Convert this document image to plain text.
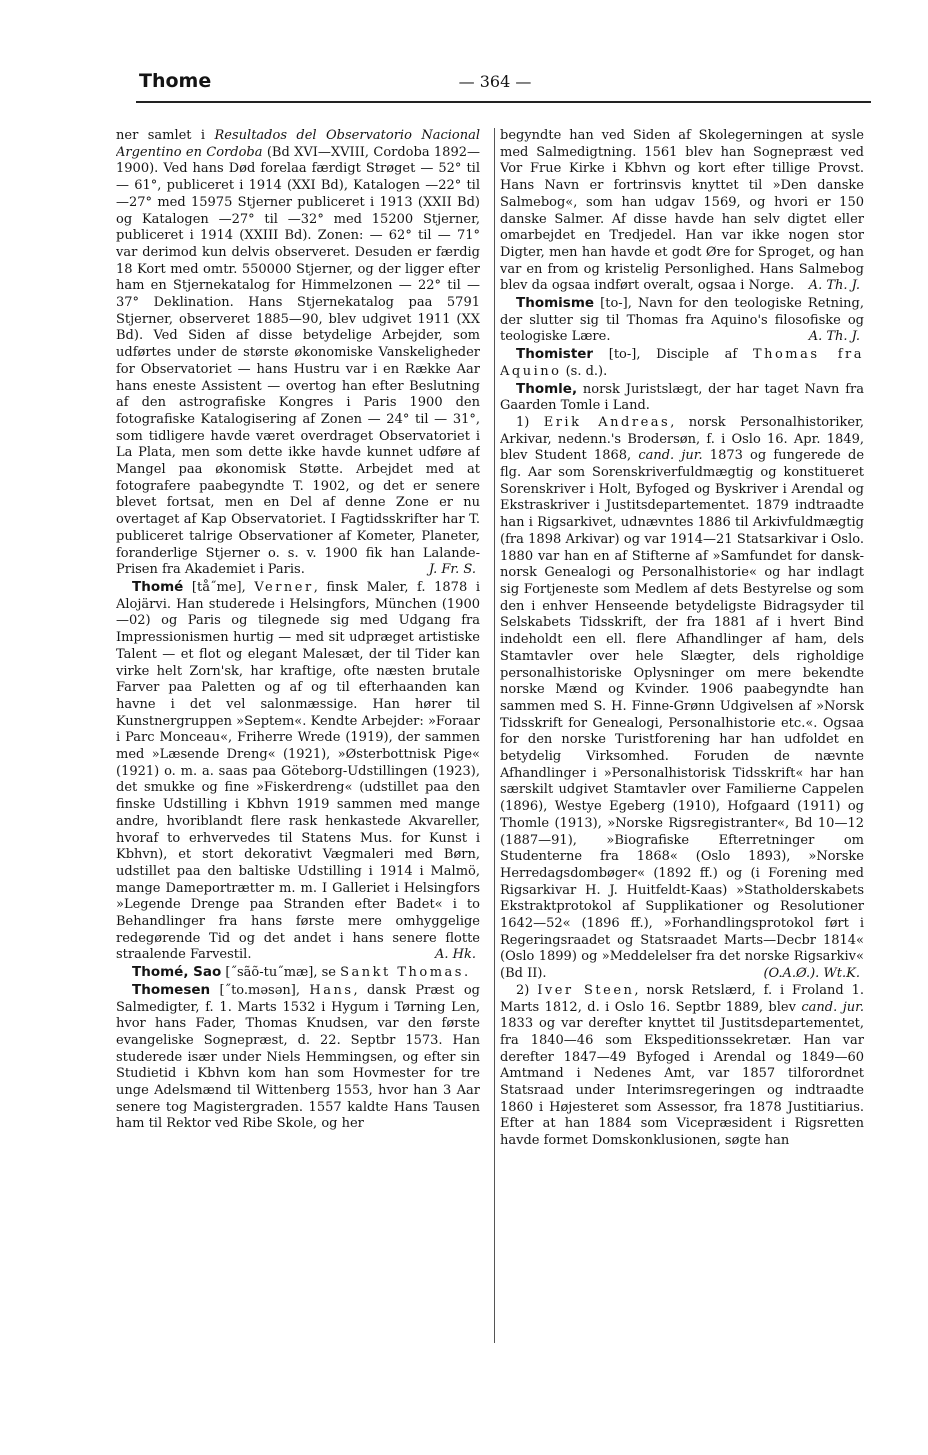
Thome	— 364 —

ner samlet i Resultados del Observatorio Nacional Argentino en Cordoba (Bd XVI—XVIII, Cordoba 1892—1900). Ved hans Død forelaa færdigt Strøget — 52° til — 61°, publiceret i 1914 (XXI Bd), Katalogen —22° til —27° med 15975 Stjerner publiceret i 1913 (XXII Bd) og Katalogen —27° til —32° med 15200 Stjerner, publiceret i 1914 (XXIII Bd). Zonen: — 62° til — 71° var derimod kun delvis observeret. Desuden er færdig 18 Kort med omtr. 550000 Stjerner, og der ligger efter ham en Stjernekatalog for Himmelzonen — 22° til — 37° Deklination. Hans Stjernekatalog paa 5791 Stjerner, observeret 1885—90, blev udgivet 1911 (XX Bd). Ved Siden af disse betydelige Arbejder, som udførtes under de største økonomiske Vanskeligheder for Observatoriet — hans Hustru var i en Række Aar hans eneste Assistent — overtog han efter Beslutning af den astrografiske Kongres i Paris 1900 den fotografiske Katalogisering af Zonen — 24° til — 31°, som tidligere havde været overdraget Observatoriet i La Plata, men som dette ikke havde kunnet udføre af Mangel paa økonomisk Støtte. Arbejdet med at fotografere paabegyndte T. 1902, og det er senere blevet fortsat, men en Del af denne Zone er nu overtaget af Kap Observatoriet. I Fagtidsskrifter har T. publiceret talrige Observationer af Kometer, Planeter, foranderlige Stjerner o. s. v. 1900 fik han Lalande-Prisen fra Akademiet i Paris.	J. Fr. S.

Thomé [tå˝me], Verner, finsk Maler, f. 1878 i Alojärvi. Han studerede i Helsingfors, München (1900—02) og Paris og tilegnede sig med Udgang fra Impressionismen hurtig — med sit udpræget artistiske Talent — et flot og elegant Malesæt, der til Tider kan virke helt Zorn'sk, har kraftige, ofte næsten brutale Farver paa Paletten og af og til efterhaanden kan havne i det vel salonmæssige. Han hører til Kunstnergruppen »Septem«. Kendte Arbejder: »Foraar i Parc Monceau«, Friherre Wrede (1919), der sammen med »Læsende Dreng« (1921), »Østerbottnisk Pige« (1921) o. m. a. saas paa Göteborg-Udstillingen (1923), det smukke og fine »Fiskerdreng« (udstillet paa den finske Udstilling i Kbhvn 1919 sammen med mange andre, hvoriblandt flere rask henkastede Akvareller, hvoraf to erhvervedes til Statens Mus. for Kunst i Kbhvn), et stort dekorativt Vægmaleri med Børn, udstillet paa den baltiske Udstilling i 1914 i Malmö, mange Dameportrætter m. m. I Galleriet i Helsingfors »Legende Drenge paa Stranden efter Badet« i to Behandlinger fra hans første mere omhyggelige redegørende Tid og det andet i hans senere flotte straalende Farvestil.	A. Hk.

Thomé, Sao [˝sãõ-tu˝mæ], se Sankt Thomas.

Thomesen [˝to.məsən], Hans, dansk Præst og Salmedigter, f. 1. Marts 1532 i Hygum i Tørning Len, hvor hans Fader, Thomas Knudsen, var den første evangeliske Sognepræst, d. 22. Septbr 1573. Han studerede især under Niels Hemmingsen, og efter sin Studietid i Kbhvn kom han som Hovmester for tre unge Adelsmænd til Wittenberg 1553, hvor han 3 Aar senere tog Magistergraden. 1557 kaldte Hans Tausen ham til Rektor ved Ribe Skole, og her

begyndte han ved Siden af Skolegerningen at sysle med Salmedigtning. 1561 blev han Sognepræst ved Vor Frue Kirke i Kbhvn og kort efter tillige Provst. Hans Navn er fortrinsvis knyttet til »Den danske Salmebog«, som han udgav 1569, og hvori er 150 danske Salmer. Af disse havde han selv digtet eller omarbejdet en Tredjedel. Han var ikke nogen stor Digter, men han havde et godt Øre for Sproget, og han var en from og kristelig Personlighed. Hans Salmebog blev da ogsaa indført overalt, ogsaa i Norge. A. Th. J.

Thomisme [to-], Navn for den teologiske Retning, der slutter sig til Thomas fra Aquino's filosofiske og teologiske Lære.	A. Th. J.

Thomister [to-], Disciple af Thomas fra Aquino (s. d.).

Thomle, norsk Juristslægt, der har taget Navn fra Gaarden Tomle i Land.

1) Erik Andreas, norsk Personalhistoriker, Arkivar, nedenn.'s Brodersøn, f. i Oslo 16. Apr. 1849, blev Student 1868, cand. jur. 1873 og fungerede de flg. Aar som Sorenskriverfuldmægtig og konstitueret Sorenskriver i Holt, Byfoged og Byskriver i Arendal og Ekstraskriver i Justitsdepartementet. 1879 indtraadte han i Rigsarkivet, udnævntes 1886 til Arkivfuldmægtig (fra 1898 Arkivar) og var 1914—21 Statsarkivar i Oslo. 1880 var han en af Stifterne af »Samfundet for dansk-norsk Genealogi og Personalhistorie« og har indlagt sig Fortjeneste som Medlem af dets Bestyrelse og som den i enhver Henseende betydeligste Bidragsyder til Selskabets Tidsskrift, der fra 1881 af i hvert Bind indeholdt een ell. flere Afhandlinger af ham, dels Stamtavler over hele Slægter, dels righoldige personalhistoriske Oplysninger om mere bekendte norske Mænd og Kvinder. 1906 paabegyndte han sammen med S. H. Finne-Grønn Udgivelsen af »Norsk Tidsskrift for Genealogi, Personalhistorie etc.«. Ogsaa for den norske Turistforening har han udfoldet en betydelig Virksomhed. Foruden de nævnte Afhandlinger i »Personalhistorisk Tidsskrift« har han særskilt udgivet Stamtavler over Familierne Cappelen (1896), Westye Egeberg (1910), Hofgaard (1911) og Thomle (1913), »Norske Rigsregistranter«, Bd 10—12 (1887—91), »Biografiske Efterretninger om Studenterne fra 1868« (Oslo 1893), »Norske Herredagsdombøger« (1892 ff.) og (i Forening med Rigsarkivar H. J. Huitfeldt-Kaas) »Statholderskabets Ekstraktprotokol af Supplikationer og Resolutioner 1642—52« (1896 ff.), »Forhandlingsprotokol ført i Regeringsraadet og Statsraadet Marts—Decbr 1814« (Oslo 1899) og »Meddelelser fra det norske Rigsarkiv« (Bd II).	(O.A.Ø.). Wt.K.

2) Iver Steen, norsk Retslærd, f. i Froland 1. Marts 1812, d. i Oslo 16. Septbr 1889, blev cand. jur. 1833 og var derefter knyttet til Justitsdepartementet, fra 1840—46 som Ekspeditionssekretær. Han var derefter 1847—49 Byfoged i Arendal og 1849—60 Amtmand i Nedenes Amt, var 1857 tilforordnet Statsraad under Interimsregeringen og indtraadte 1860 i Højesteret som Assessor, fra 1878 Justitiarius. Efter at han 1884 som Vicepræsident i Rigsretten havde formet Domskonklusionen, søgte han
